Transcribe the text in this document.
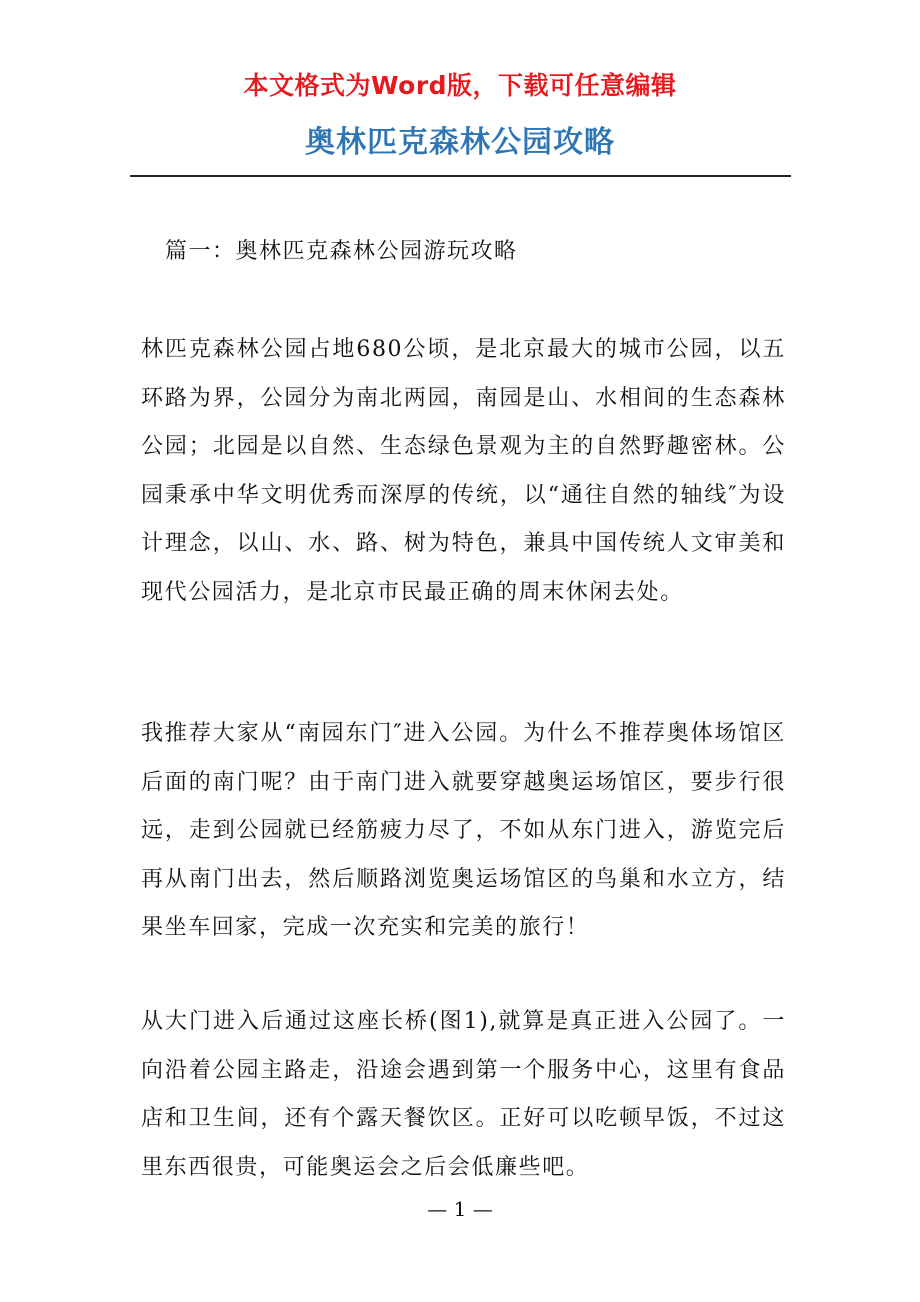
本文格式为Word版，下载可任意编辑
奥林匹克森林公园攻略
篇一：奥林匹克森林公园游玩攻略

林匹克森林公园占地680公顷，是北京最大的城市公园，以五环路为界，公园分为南北两园，南园是山、水相间的生态森林公园；北园是以自然、生态绿色景观为主的自然野趣密林。公园秉承中华文明优秀而深厚的传统，以“通往自然的轴线″为设计理念，以山、水、路、树为特色，兼具中国传统人文审美和现代公园活力，是北京市民最正确的周末休闲去处。

我推荐大家从“南园东门″进入公园。为什么不推荐奥体场馆区后面的南门呢？由于南门进入就要穿越奥运场馆区，要步行很远，走到公园就已经筋疲力尽了，不如从东门进入，游览完后再从南门出去，然后顺路浏览奥运场馆区的鸟巢和水立方，结果坐车回家，完成一次充实和完美的旅行！

从大门进入后通过这座长桥(图1),就算是真正进入公园了。一向沿着公园主路走，沿途会遇到第一个服务中心，这里有食品店和卫生间，还有个露天餐饮区。正好可以吃顿早饭，不过这里东西很贵，可能奥运会之后会低廉些吧。

— 1 —
